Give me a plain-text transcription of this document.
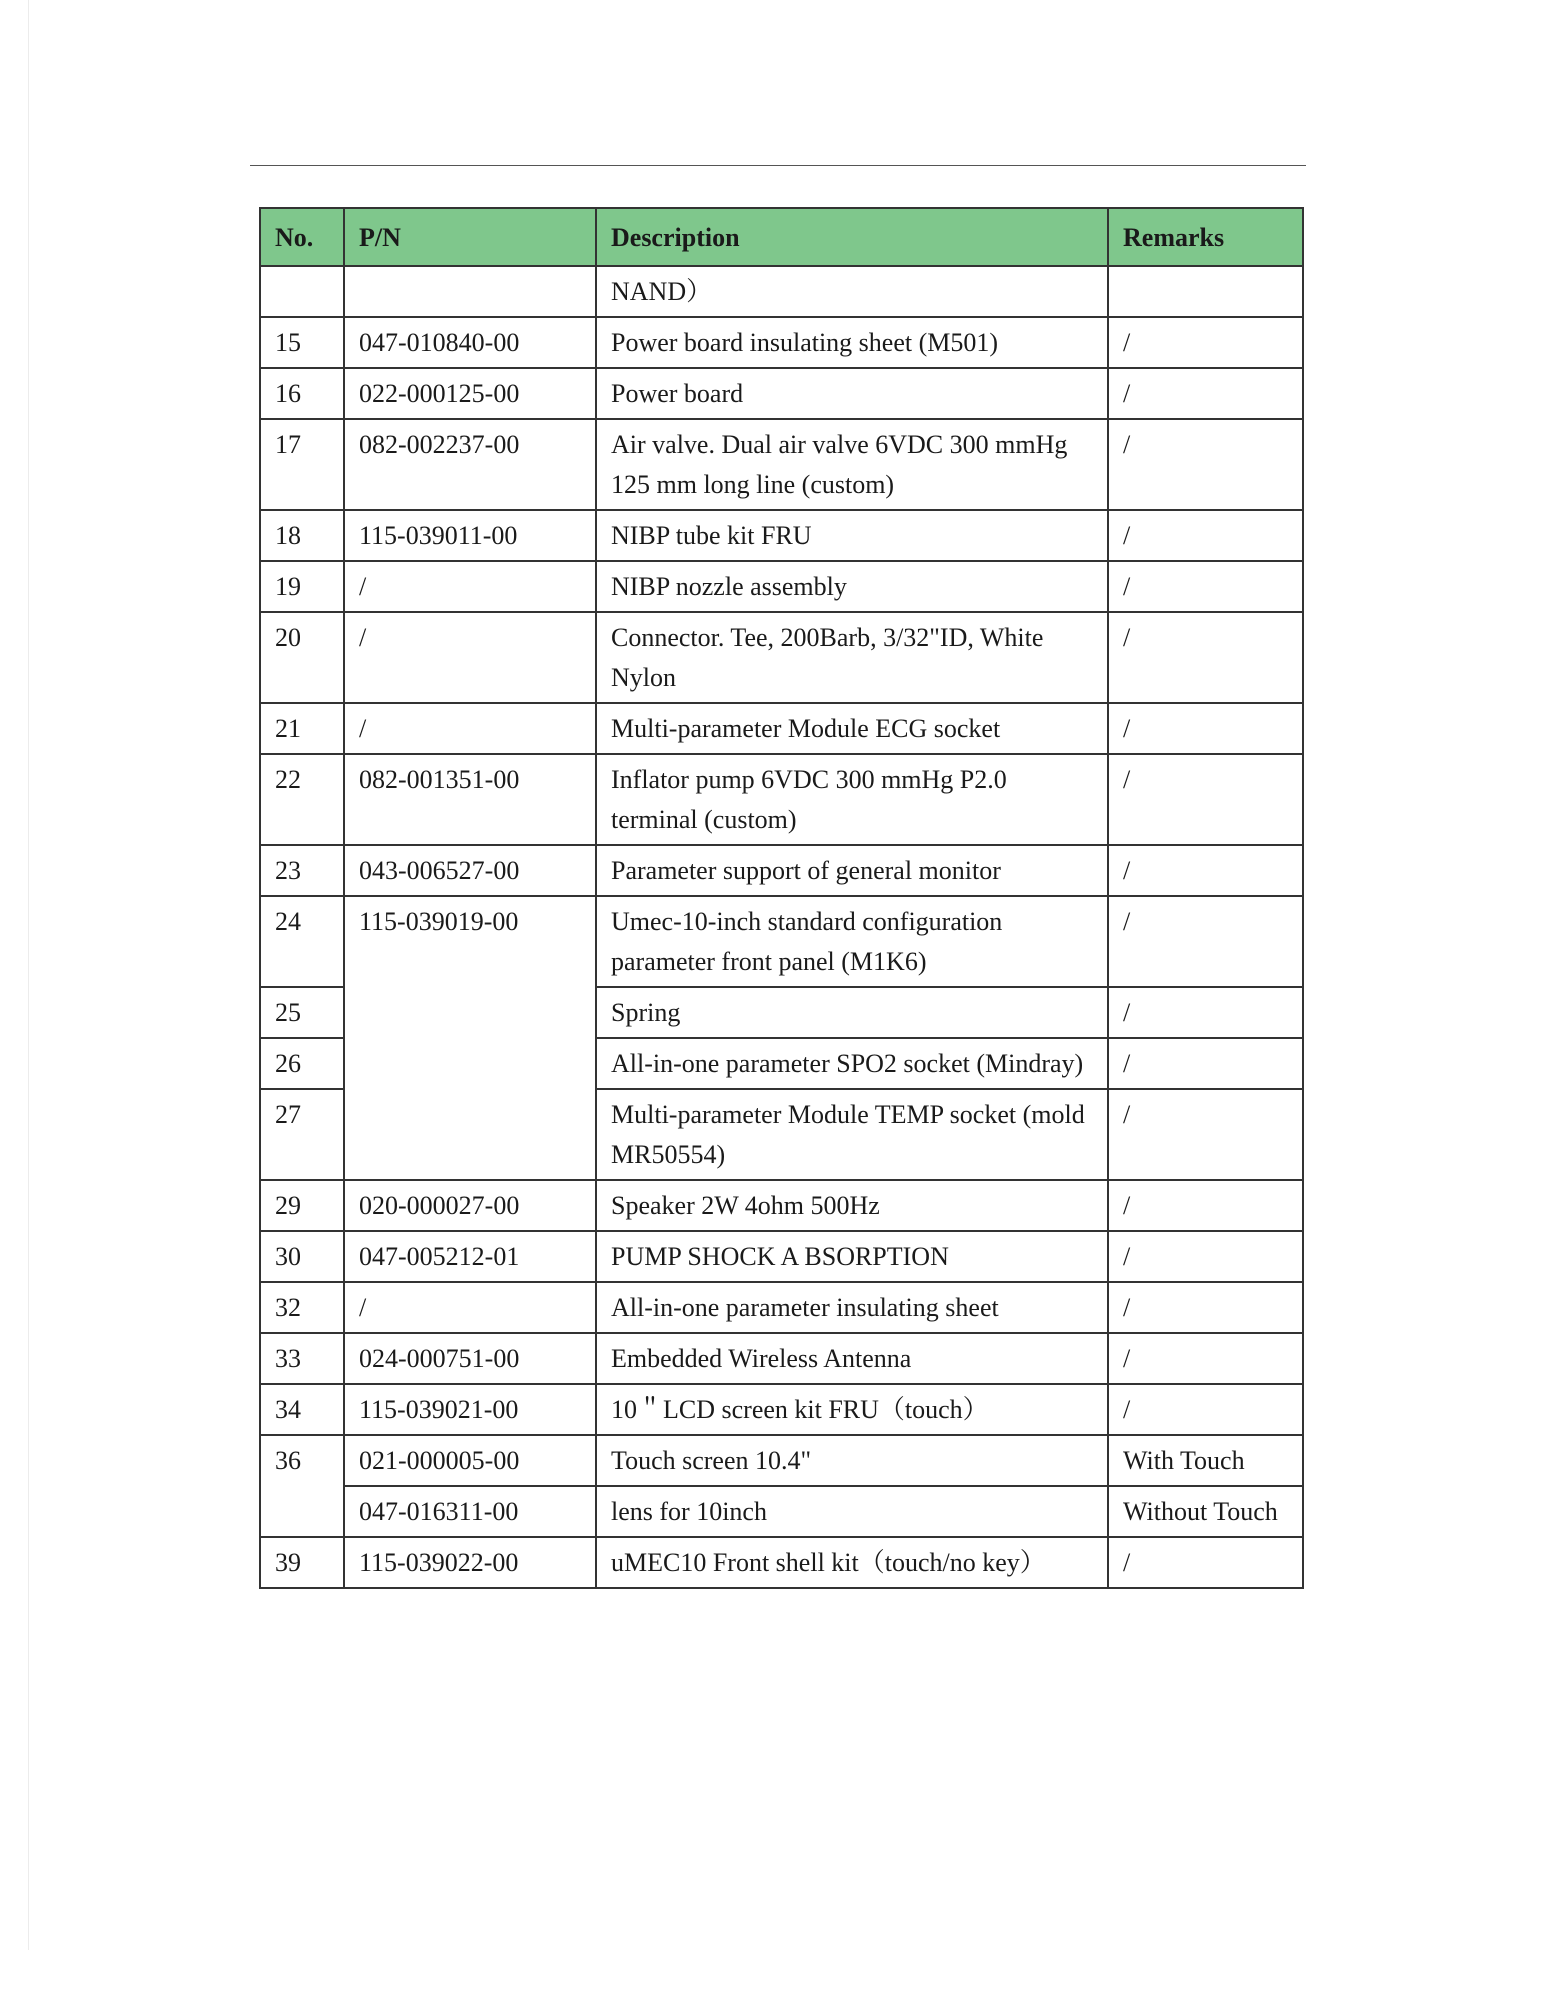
No.	P/N	Description	Remarks
		NAND）	
15	047-010840-00	Power board insulating sheet (M501)	/
16	022-000125-00	Power board	/
17	082-002237-00	Air valve. Dual air valve 6VDC 300 mmHg 125 mm long line (custom)	/
18	115-039011-00	NIBP tube kit FRU	/
19	/	NIBP nozzle assembly	/
20	/	Connector. Tee, 200Barb, 3/32"ID, White Nylon	/
21	/	Multi-parameter Module ECG socket	/
22	082-001351-00	Inflator pump 6VDC 300 mmHg P2.0 terminal (custom)	/
23	043-006527-00	Parameter support of general monitor	/
24	115-039019-00	Umec-10-inch standard configuration parameter front panel (M1K6)	/
25		Spring	/
26		All-in-one parameter SPO2 socket (Mindray)	/
27		Multi-parameter Module TEMP socket (mold MR50554)	/
29	020-000027-00	Speaker 2W 4ohm 500Hz	/
30	047-005212-01	PUMP SHOCK A BSORPTION	/
32	/	All-in-one parameter insulating sheet	/
33	024-000751-00	Embedded Wireless Antenna	/
34	115-039021-00	10＂LCD screen kit FRU（touch）	/
36	021-000005-00	Touch screen 10.4"	With Touch
	047-016311-00	lens for 10inch	Without Touch
39	115-039022-00	uMEC10 Front shell kit（touch/no key）	/
